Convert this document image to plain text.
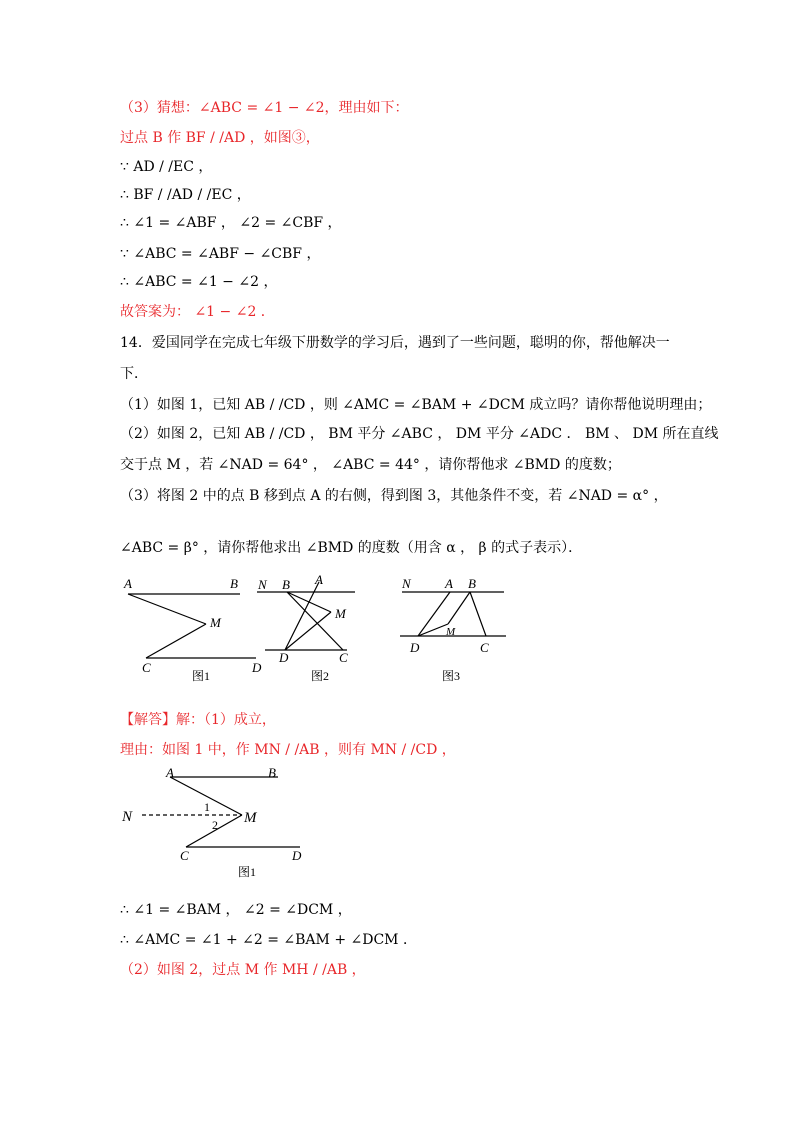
（3）猜想：∠ABC = ∠1 − ∠2，理由如下：
过点 B 作 BF / /AD ，如图③，
∵ AD / /EC ，
∴ BF / /AD / /EC ，
∴ ∠1 = ∠ABF ， ∠2 = ∠CBF ，
∵ ∠ABC = ∠ABF − ∠CBF ，
∴ ∠ABC = ∠1 − ∠2 ，
故答案为： ∠1 − ∠2 ．
14．爱国同学在完成七年级下册数学的学习后，遇到了一些问题，聪明的你，帮他解决一
下．
（1）如图 1，已知 AB / /CD ，则 ∠AMC = ∠BAM + ∠DCM 成立吗？请你帮他说明理由；
（2）如图 2，已知 AB / /CD ， BM 平分 ∠ABC ， DM 平分 ∠ADC ． BM 、 DM 所在直线
交于点 M ，若 ∠NAD = 64° ， ∠ABC = 44° ，请你帮他求 ∠BMD 的度数；
（3）将图 2 中的点 B 移到点 A 的右侧，得到图 3，其他条件不变，若 ∠NAD = α° ，
∠ABC = β° ，请你帮他求出 ∠BMD 的度数（用含 α ， β 的式子表示）．
A	B
M
C	D
图1
N B A
M
D	C
图2
N	A B
M
D	C
图3
【解答】解：（1）成立，
理由：如图 1 中，作 MN / /AB ，则有 MN / /CD ，
A	B
N	M
1
2
C	D
图1
∴ ∠1 = ∠BAM ， ∠2 = ∠DCM ，
∴ ∠AMC = ∠1 + ∠2 = ∠BAM + ∠DCM ．
（2）如图 2，过点 M 作 MH / /AB ，
